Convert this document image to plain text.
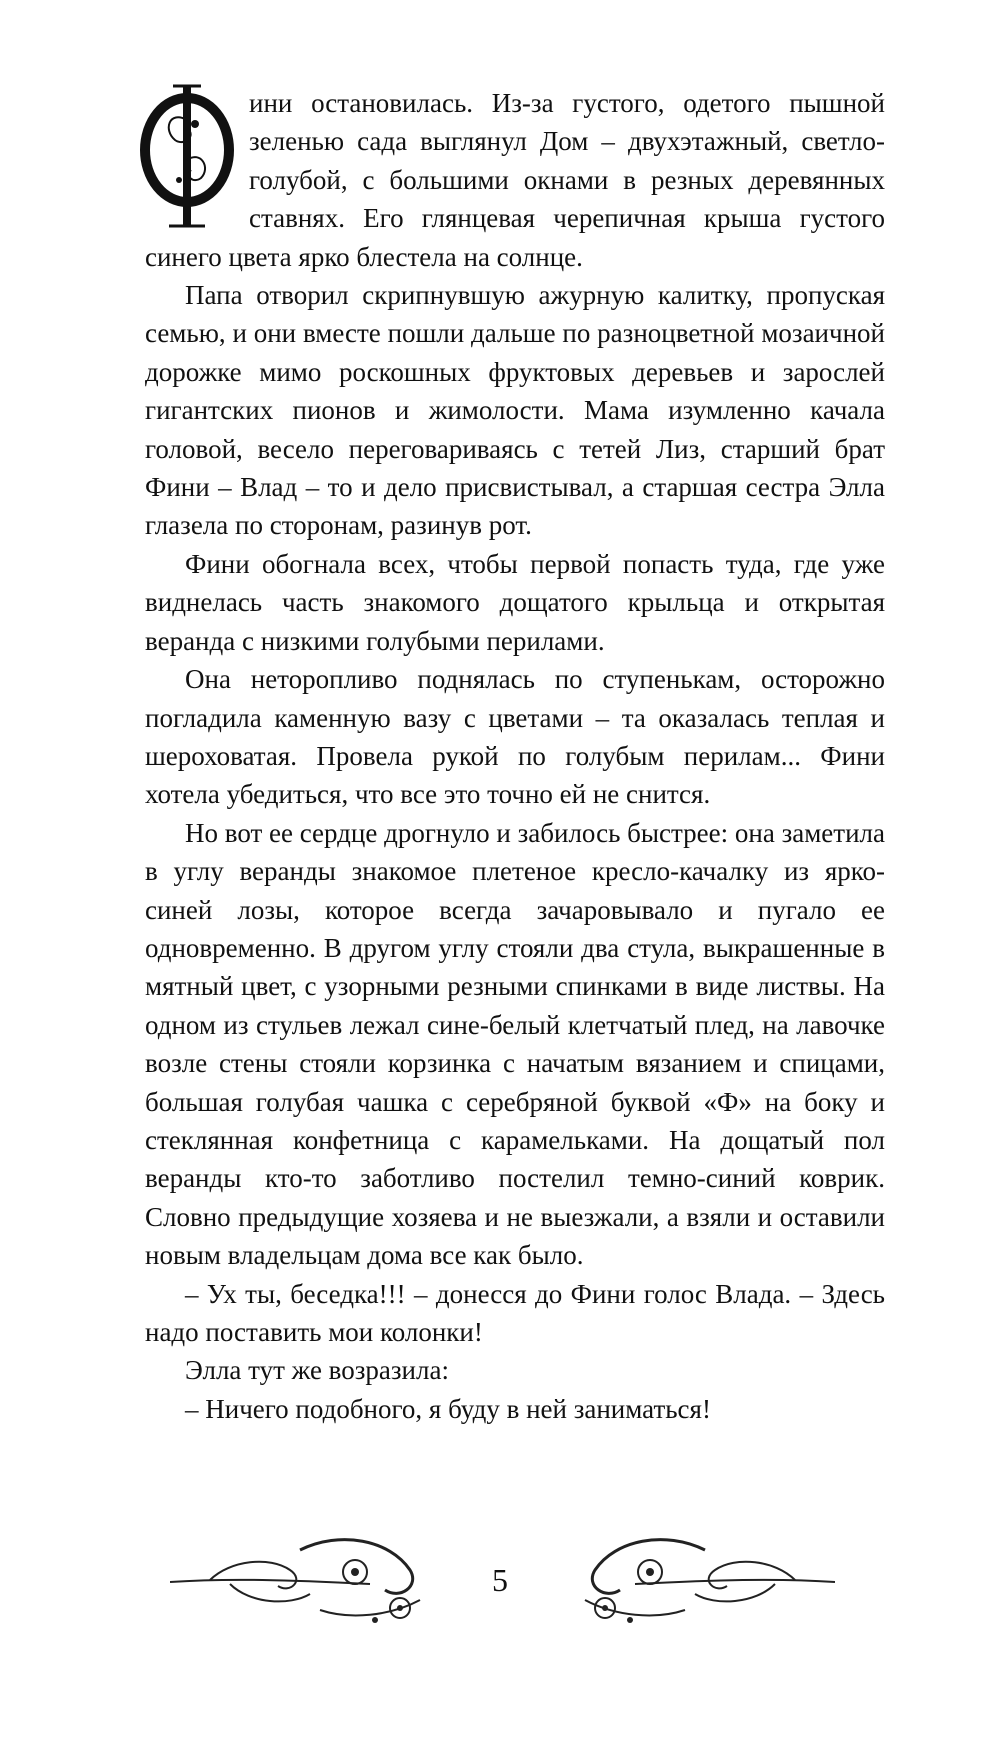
ини остановилась. Из-за густого, одетого пышной зеленью сада выглянул Дом – двухэтажный, светло-голубой, с большими окнами в резных деревянных ставнях. Его глянцевая черепичная крыша густого синего цвета ярко блестела на солнце.

Папа отворил скрипнувшую ажурную калитку, пропуская семью, и они вместе пошли дальше по разноцветной мозаичной дорожке мимо роскошных фруктовых деревьев и зарослей гигантских пионов и жимолости. Мама изумленно качала головой, весело переговариваясь с тетей Лиз, старший брат Фини – Влад – то и дело присвистывал, а старшая сестра Элла глазела по сторонам, разинув рот.

Фини обогнала всех, чтобы первой попасть туда, где уже виднелась часть знакомого дощатого крыльца и открытая веранда с низкими голубыми перилами.

Она неторопливо поднялась по ступенькам, осторожно погладила каменную вазу с цветами – та оказалась теплая и шероховатая. Провела рукой по голубым перилам... Фини хотела убедиться, что все это точно ей не снится.

Но вот ее сердце дрогнуло и забилось быстрее: она заметила в углу веранды знакомое плетеное кресло-качалку из ярко-синей лозы, которое всегда зачаровывало и пугало ее одновременно. В другом углу стояли два стула, выкрашенные в мятный цвет, с узорными резными спинками в виде листвы. На одном из стульев лежал сине-белый клетчатый плед, на лавочке возле стены стояли корзинка с начатым вязанием и спицами, большая голубая чашка с серебряной буквой «Ф» на боку и стеклянная конфетница с карамельками. На дощатый пол веранды кто-то заботливо постелил темно-синий коврик. Словно предыдущие хозяева и не выезжали, а взяли и оставили новым владельцам дома все как было.

– Ух ты, беседка!!! – донесся до Фини голос Влада. – Здесь надо поставить мои колонки!

Элла тут же возразила:

– Ничего подобного, я буду в ней заниматься!

5
